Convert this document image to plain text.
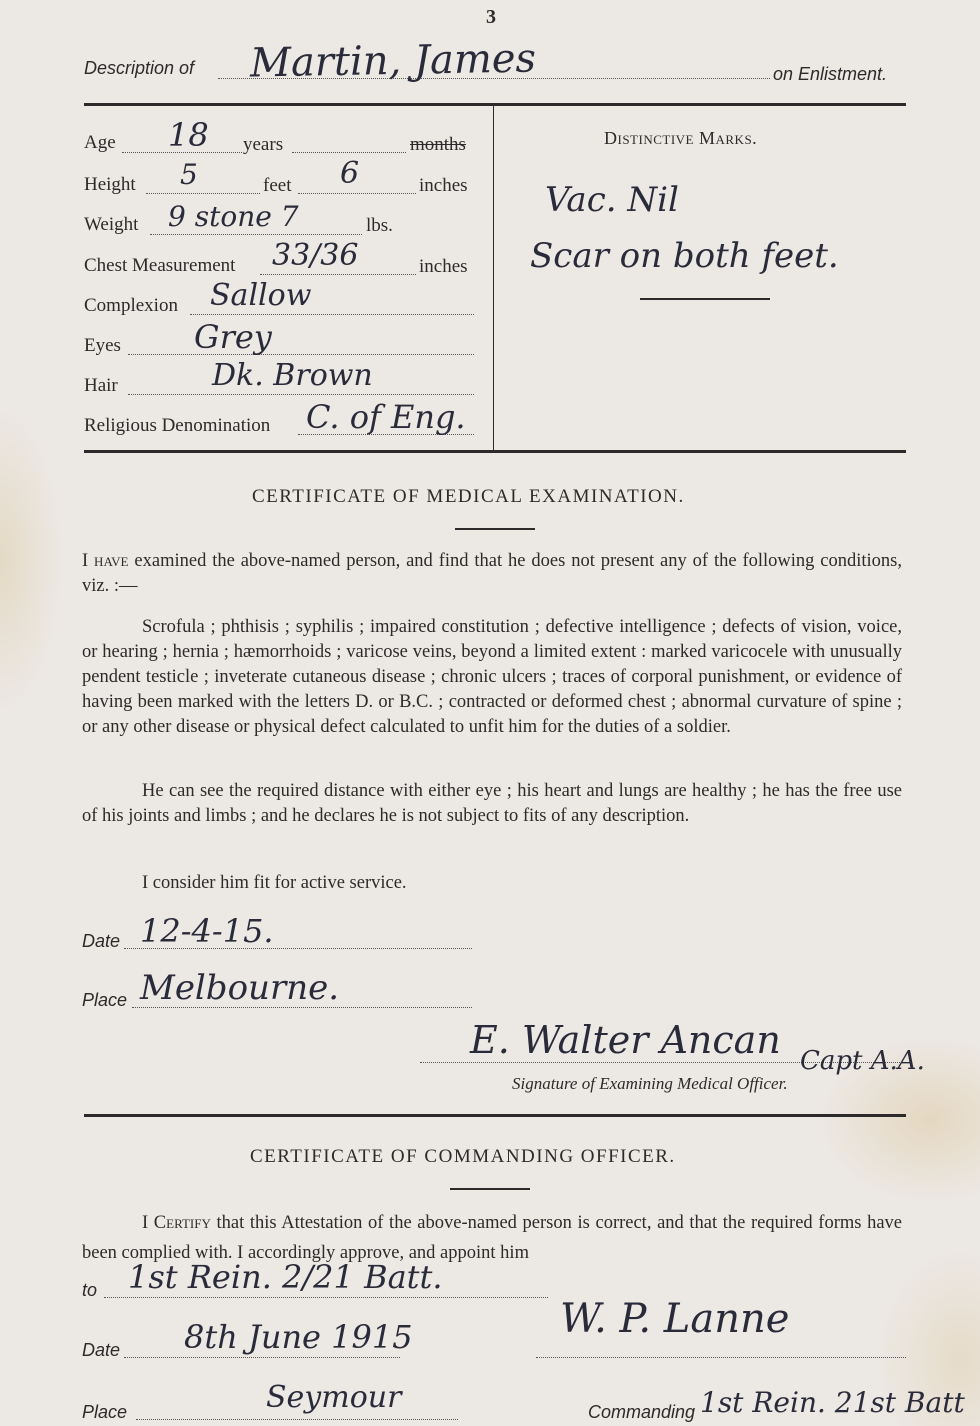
3
Description of Martin, James	on Enlistment.
Age 18 years	months
Height 5	feet 6	inches
Weight 9 stone 7	lbs.
Chest Measurement 33/36	inches
Complexion Sallow
Eyes Grey
Hair	Dk. Brown
Religious Denomination C. of Eng.
Distinctive Marks.
Vac. Nil
Scar on both feet.
CERTIFICATE OF MEDICAL EXAMINATION.
I have examined the above-named person, and find that he does not present any of the following conditions, viz. :—
Scrofula ; phthisis ; syphilis ; impaired constitution ; defective intelligence ; defects of vision, voice, or hearing ; hernia ; hæmorrhoids ; varicose veins, beyond a limited extent : marked varicocele with unusually pendent testicle ; inveterate cutaneous disease ; chronic ulcers ; traces of corporal punishment, or evidence of having been marked with the letters D. or B.C. ; contracted or deformed chest ; abnormal curvature of spine ; or any other disease or physical defect calculated to unfit him for the duties of a soldier.
He can see the required distance with either eye ; his heart and lungs are healthy ; he has the free use of his joints and limbs ; and he declares he is not subject to fits of any description.
I consider him fit for active service.
Date 12-4-15.
Place Melbourne.
E. Walter Ancan Capt A.A.
Signature of Examining Medical Officer.
CERTIFICATE OF COMMANDING OFFICER.
I Certify that this Attestation of the above-named person is correct, and that the required forms have been complied with. I accordingly approve, and appoint him
to 1st Rein. 2/21 Batt.
Date 8th June 1915	W. P. Lanne
Place	Seymour	Commanding 1st Rein. 21st Batt
